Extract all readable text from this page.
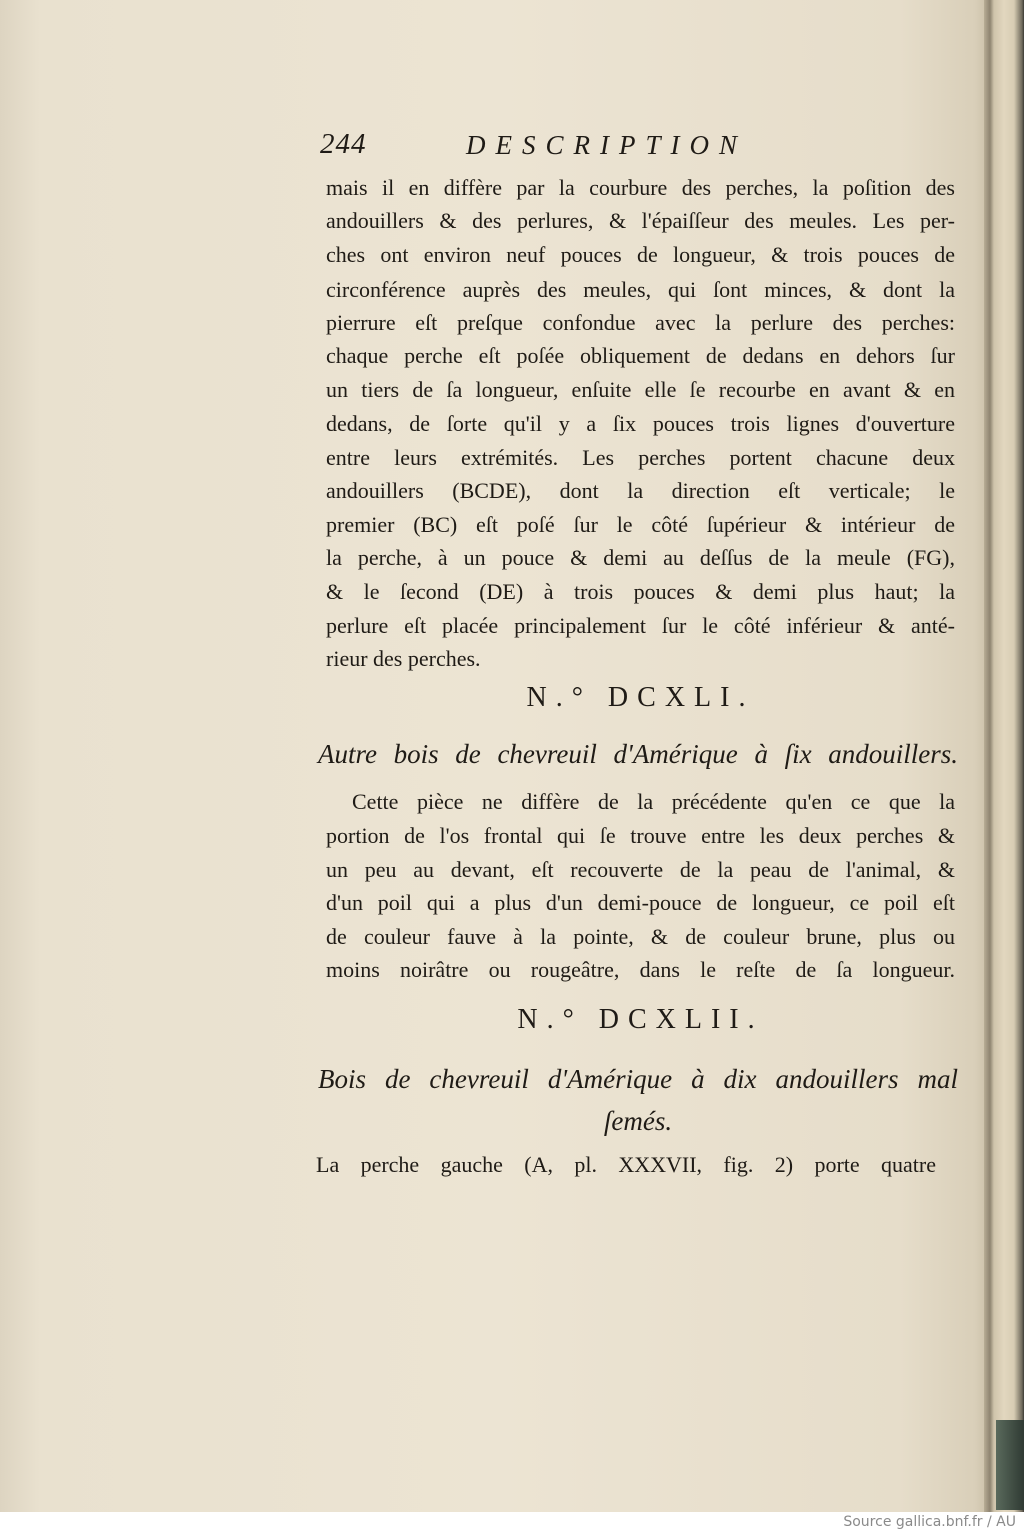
244	DESCRIPTION
mais il en diffère par la courbure des perches, la poſition des
andouillers & des perlures, & l'épaiſſeur des meules. Les per-
ches ont environ neuf pouces de longueur, & trois pouces de
circonférence auprès des meules, qui ſont minces, & dont la
pierrure eſt preſque confondue avec la perlure des perches:
chaque perche eſt poſée obliquement de dedans en dehors ſur
un tiers de ſa longueur, enſuite elle ſe recourbe en avant & en
dedans, de ſorte qu'il y a ſix pouces trois lignes d'ouverture
entre leurs extrémités. Les perches portent chacune deux
andouillers (BCDE), dont la direction eſt verticale; le
premier (BC) eſt poſé ſur le côté ſupérieur & intérieur de
la perche, à un pouce & demi au deſſus de la meule (FG),
& le ſecond (DE) à trois pouces & demi plus haut; la
perlure eſt placée principalement ſur le côté inférieur & anté-
rieur des perches.
N.° DCXLI.
Autre bois de chevreuil d'Amérique à ſix andouillers.
Cette pièce ne diffère de la précédente qu'en ce que la
portion de l'os frontal qui ſe trouve entre les deux perches &
un peu au devant, eſt recouverte de la peau de l'animal, &
d'un poil qui a plus d'un demi-pouce de longueur, ce poil eſt
de couleur fauve à la pointe, & de couleur brune, plus ou
moins noirâtre ou rougeâtre, dans le reſte de ſa longueur.
N.° DCXLII.
Bois de chevreuil d'Amérique à dix andouillers mal
ſemés.
La perche gauche (A, pl. XXXVII, fig. 2) porte quatre
Source gallica.bnf.fr / AU
